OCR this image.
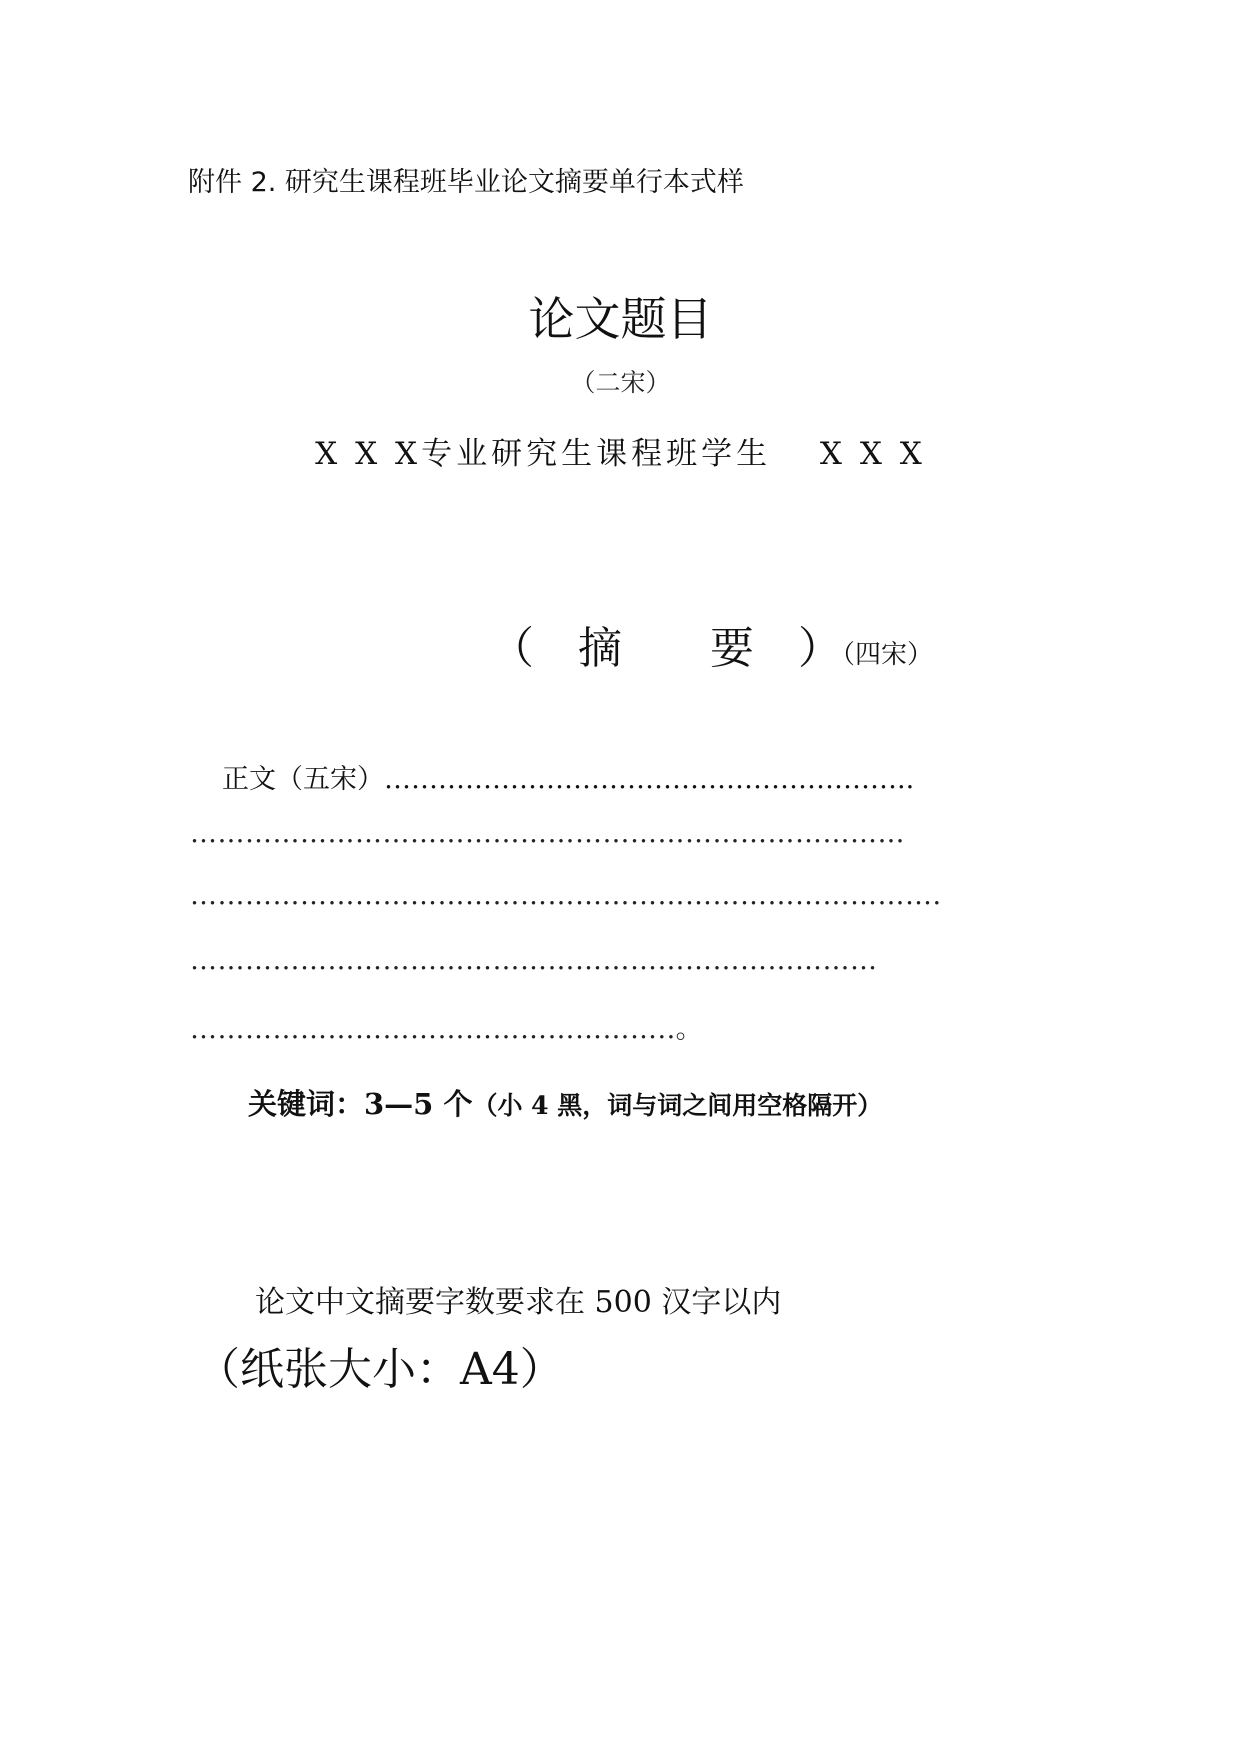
附件 2. 研究生课程班毕业论文摘要单行本式样
论文题目
（二宋）
X X X专业研究生课程班学生　 X X X
（　摘　　要　）（四宋）
正文（五宋）…………………………………………………..
……………………………………………………………………
……………………………………………………………………….
…………………………………………………………………
……………………………………………..。
关键词：3—5 个（小 4 黑，词与词之间用空格隔开）
论文中文摘要字数要求在 500 汉字以内
（纸张大小：A4）
